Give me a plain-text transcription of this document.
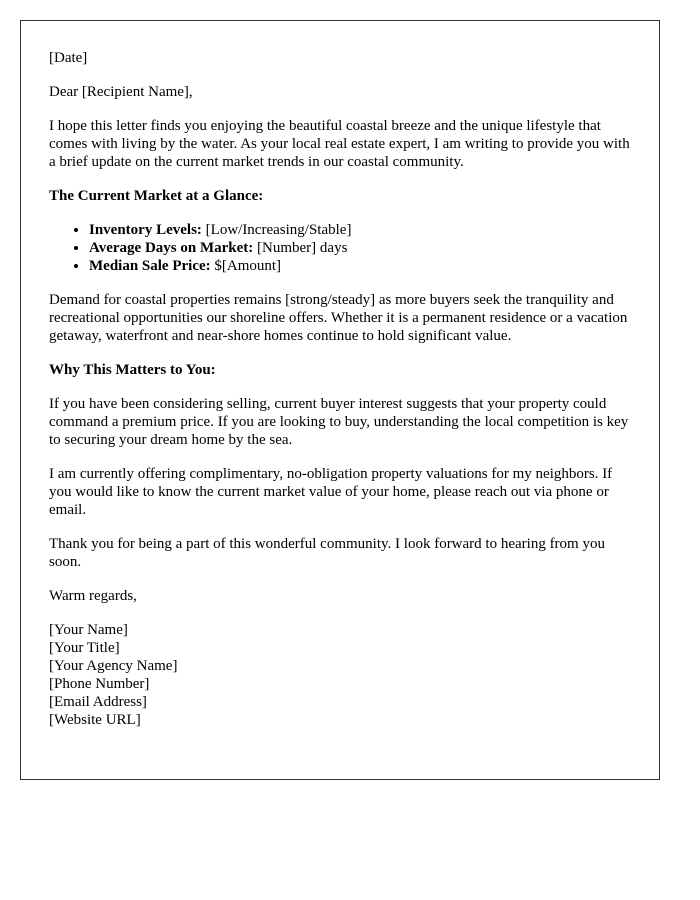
[Date]

Dear [Recipient Name],

I hope this letter finds you enjoying the beautiful coastal breeze and the unique lifestyle that comes with living by the water. As your local real estate expert, I am writing to provide you with a brief update on the current market trends in our coastal community.

The Current Market at a Glance:

• Inventory Levels: [Low/Increasing/Stable]
• Average Days on Market: [Number] days
• Median Sale Price: $[Amount]

Demand for coastal properties remains [strong/steady] as more buyers seek the tranquility and recreational opportunities our shoreline offers. Whether it is a permanent residence or a vacation getaway, waterfront and near-shore homes continue to hold significant value.

Why This Matters to You:

If you have been considering selling, current buyer interest suggests that your property could command a premium price. If you are looking to buy, understanding the local competition is key to securing your dream home by the sea.

I am currently offering complimentary, no-obligation property valuations for my neighbors. If you would like to know the current market value of your home, please reach out via phone or email.

Thank you for being a part of this wonderful community. I look forward to hearing from you soon.

Warm regards,

[Your Name]
[Your Title]
[Your Agency Name]
[Phone Number]
[Email Address]
[Website URL]
